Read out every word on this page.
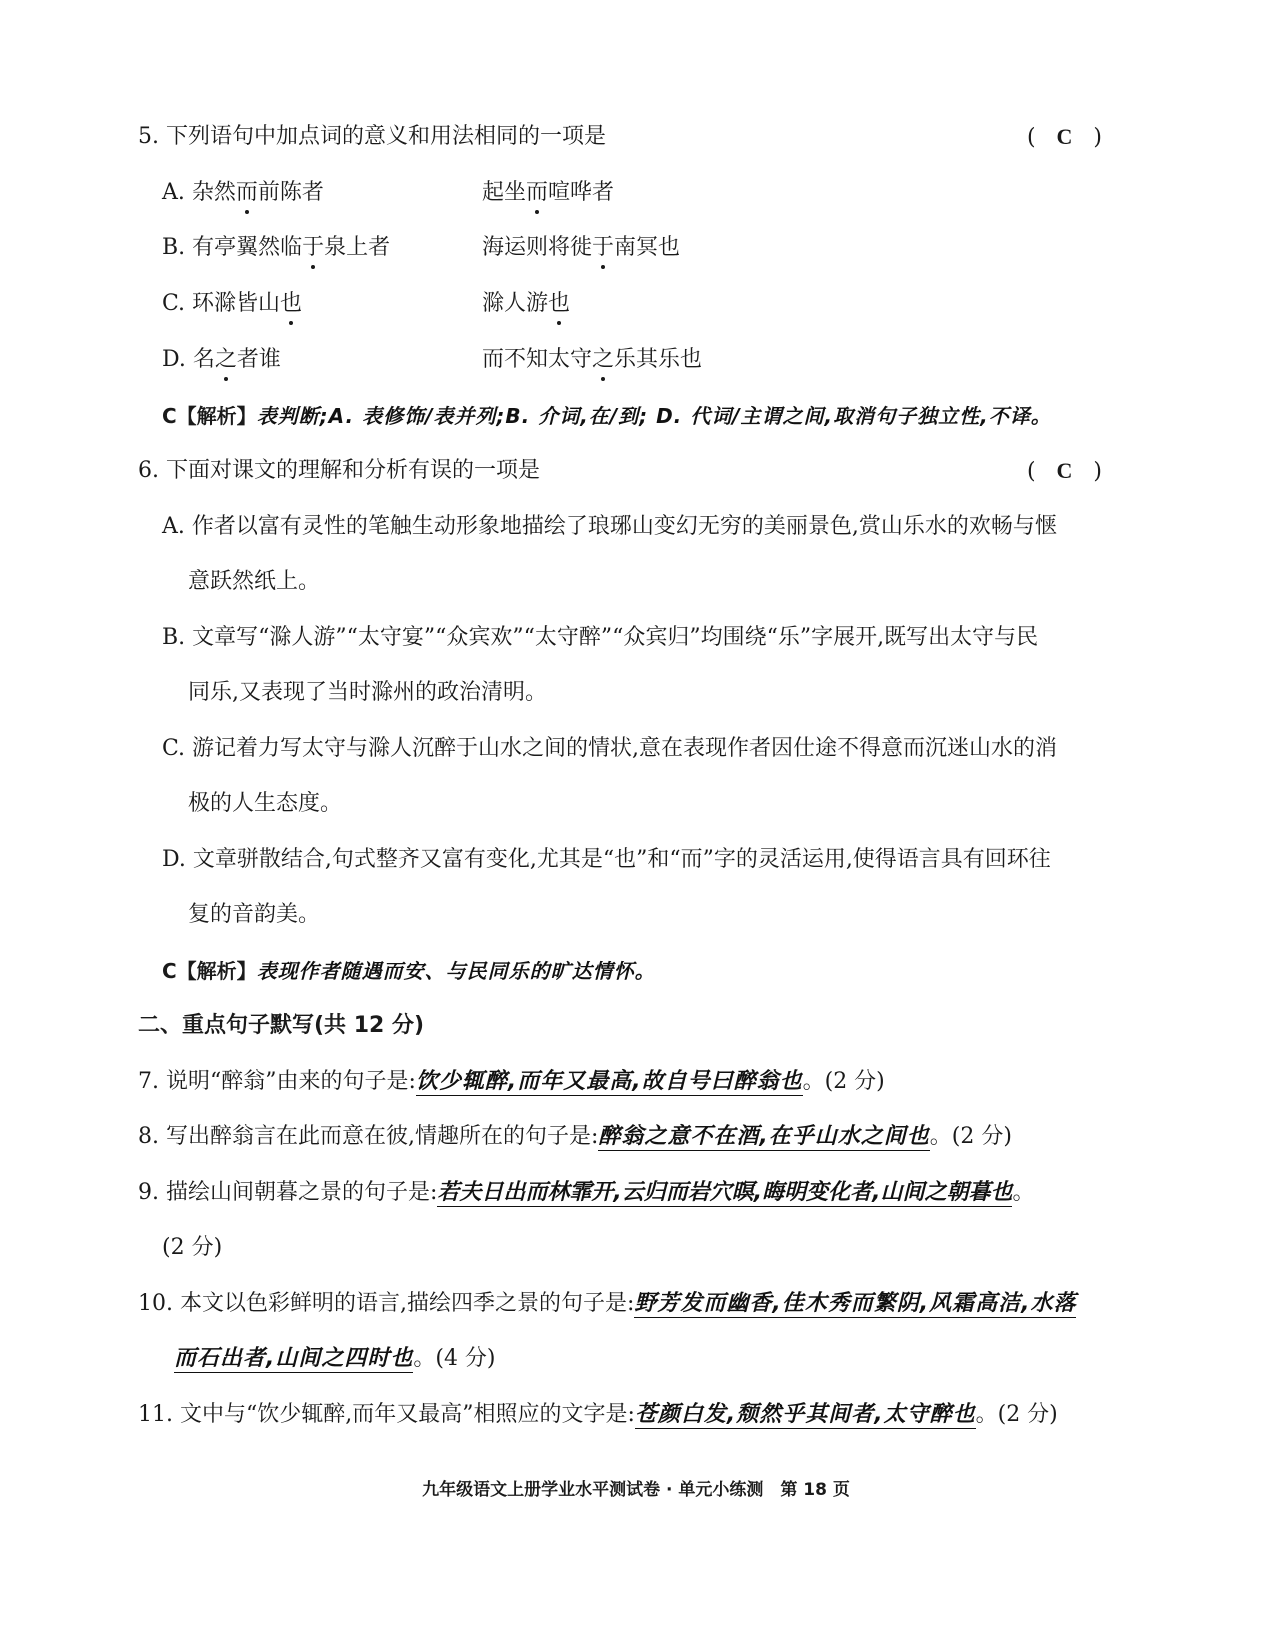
5. 下列语句中加点词的意义和用法相同的一项是	( C )
A. 杂然而前陈者	起坐而喧哗者
B. 有亭翼然临于泉上者	海运则将徙于南冥也
C. 环滁皆山也	滁人游也
D. 名之者谁	而不知太守之乐其乐也
C【解析】表判断;A. 表修饰/表并列;B. 介词,在/到; D. 代词/主谓之间,取消句子独立性,不译。
6. 下面对课文的理解和分析有误的一项是	( C )
A. 作者以富有灵性的笔触生动形象地描绘了琅琊山变幻无穷的美丽景色,赏山乐水的欢畅与惬
意跃然纸上。
B. 文章写“滁人游”“太守宴”“众宾欢”“太守醉”“众宾归”均围绕“乐”字展开,既写出太守与民
同乐,又表现了当时滁州的政治清明。
C. 游记着力写太守与滁人沉醉于山水之间的情状,意在表现作者因仕途不得意而沉迷山水的消
极的人生态度。
D. 文章骈散结合,句式整齐又富有变化,尤其是“也”和“而”字的灵活运用,使得语言具有回环往
复的音韵美。
C【解析】表现作者随遇而安、与民同乐的旷达情怀。
二、重点句子默写(共 12 分)
7. 说明“醉翁”由来的句子是:饮少辄醉,而年又最高,故自号曰醉翁也。(2 分)
8. 写出醉翁言在此而意在彼,情趣所在的句子是:醉翁之意不在酒,在乎山水之间也。(2 分)
9. 描绘山间朝暮之景的句子是:若夫日出而林霏开,云归而岩穴暝,晦明变化者,山间之朝暮也。
(2 分)
10. 本文以色彩鲜明的语言,描绘四季之景的句子是:野芳发而幽香,佳木秀而繁阴,风霜高洁,水落
而石出者,山间之四时也。(4 分)
11. 文中与“饮少辄醉,而年又最高”相照应的文字是:苍颜白发,颓然乎其间者,太守醉也。(2 分)
九年级语文上册学业水平测试卷 · 单元小练测　第 18 页
